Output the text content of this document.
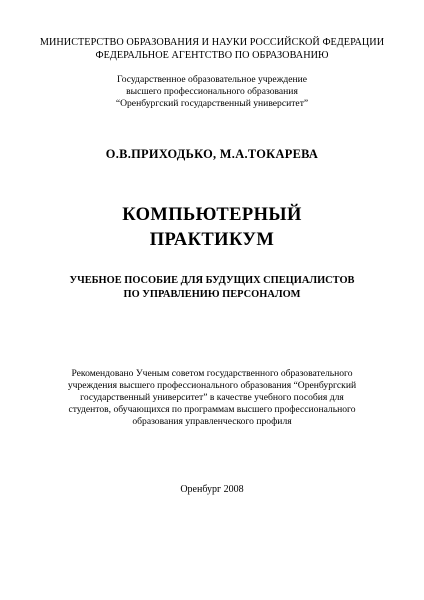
МИНИСТЕРСТВО ОБРАЗОВАНИЯ И НАУКИ РОССИЙСКОЙ ФЕДЕРАЦИИ
ФЕДЕРАЛЬНОЕ АГЕНТСТВО ПО ОБРАЗОВАНИЮ
Государственное образовательное учреждение
высшего профессионального образования
“Оренбургский государственный университет”
О.В.ПРИХОДЬКО, М.А.ТОКАРЕВА
КОМПЬЮТЕРНЫЙ
ПРАКТИКУМ
УЧЕБНОЕ ПОСОБИЕ ДЛЯ БУДУЩИХ СПЕЦИАЛИСТОВ
ПО УПРАВЛЕНИЮ ПЕРСОНАЛОМ
Рекомендовано Ученым советом государственного образовательного
учреждения высшего профессионального образования “Оренбургский
государственный университет” в качестве учебного пособия для
студентов, обучающихся по программам высшего профессионального
образования управленческого профиля
Оренбург 2008
